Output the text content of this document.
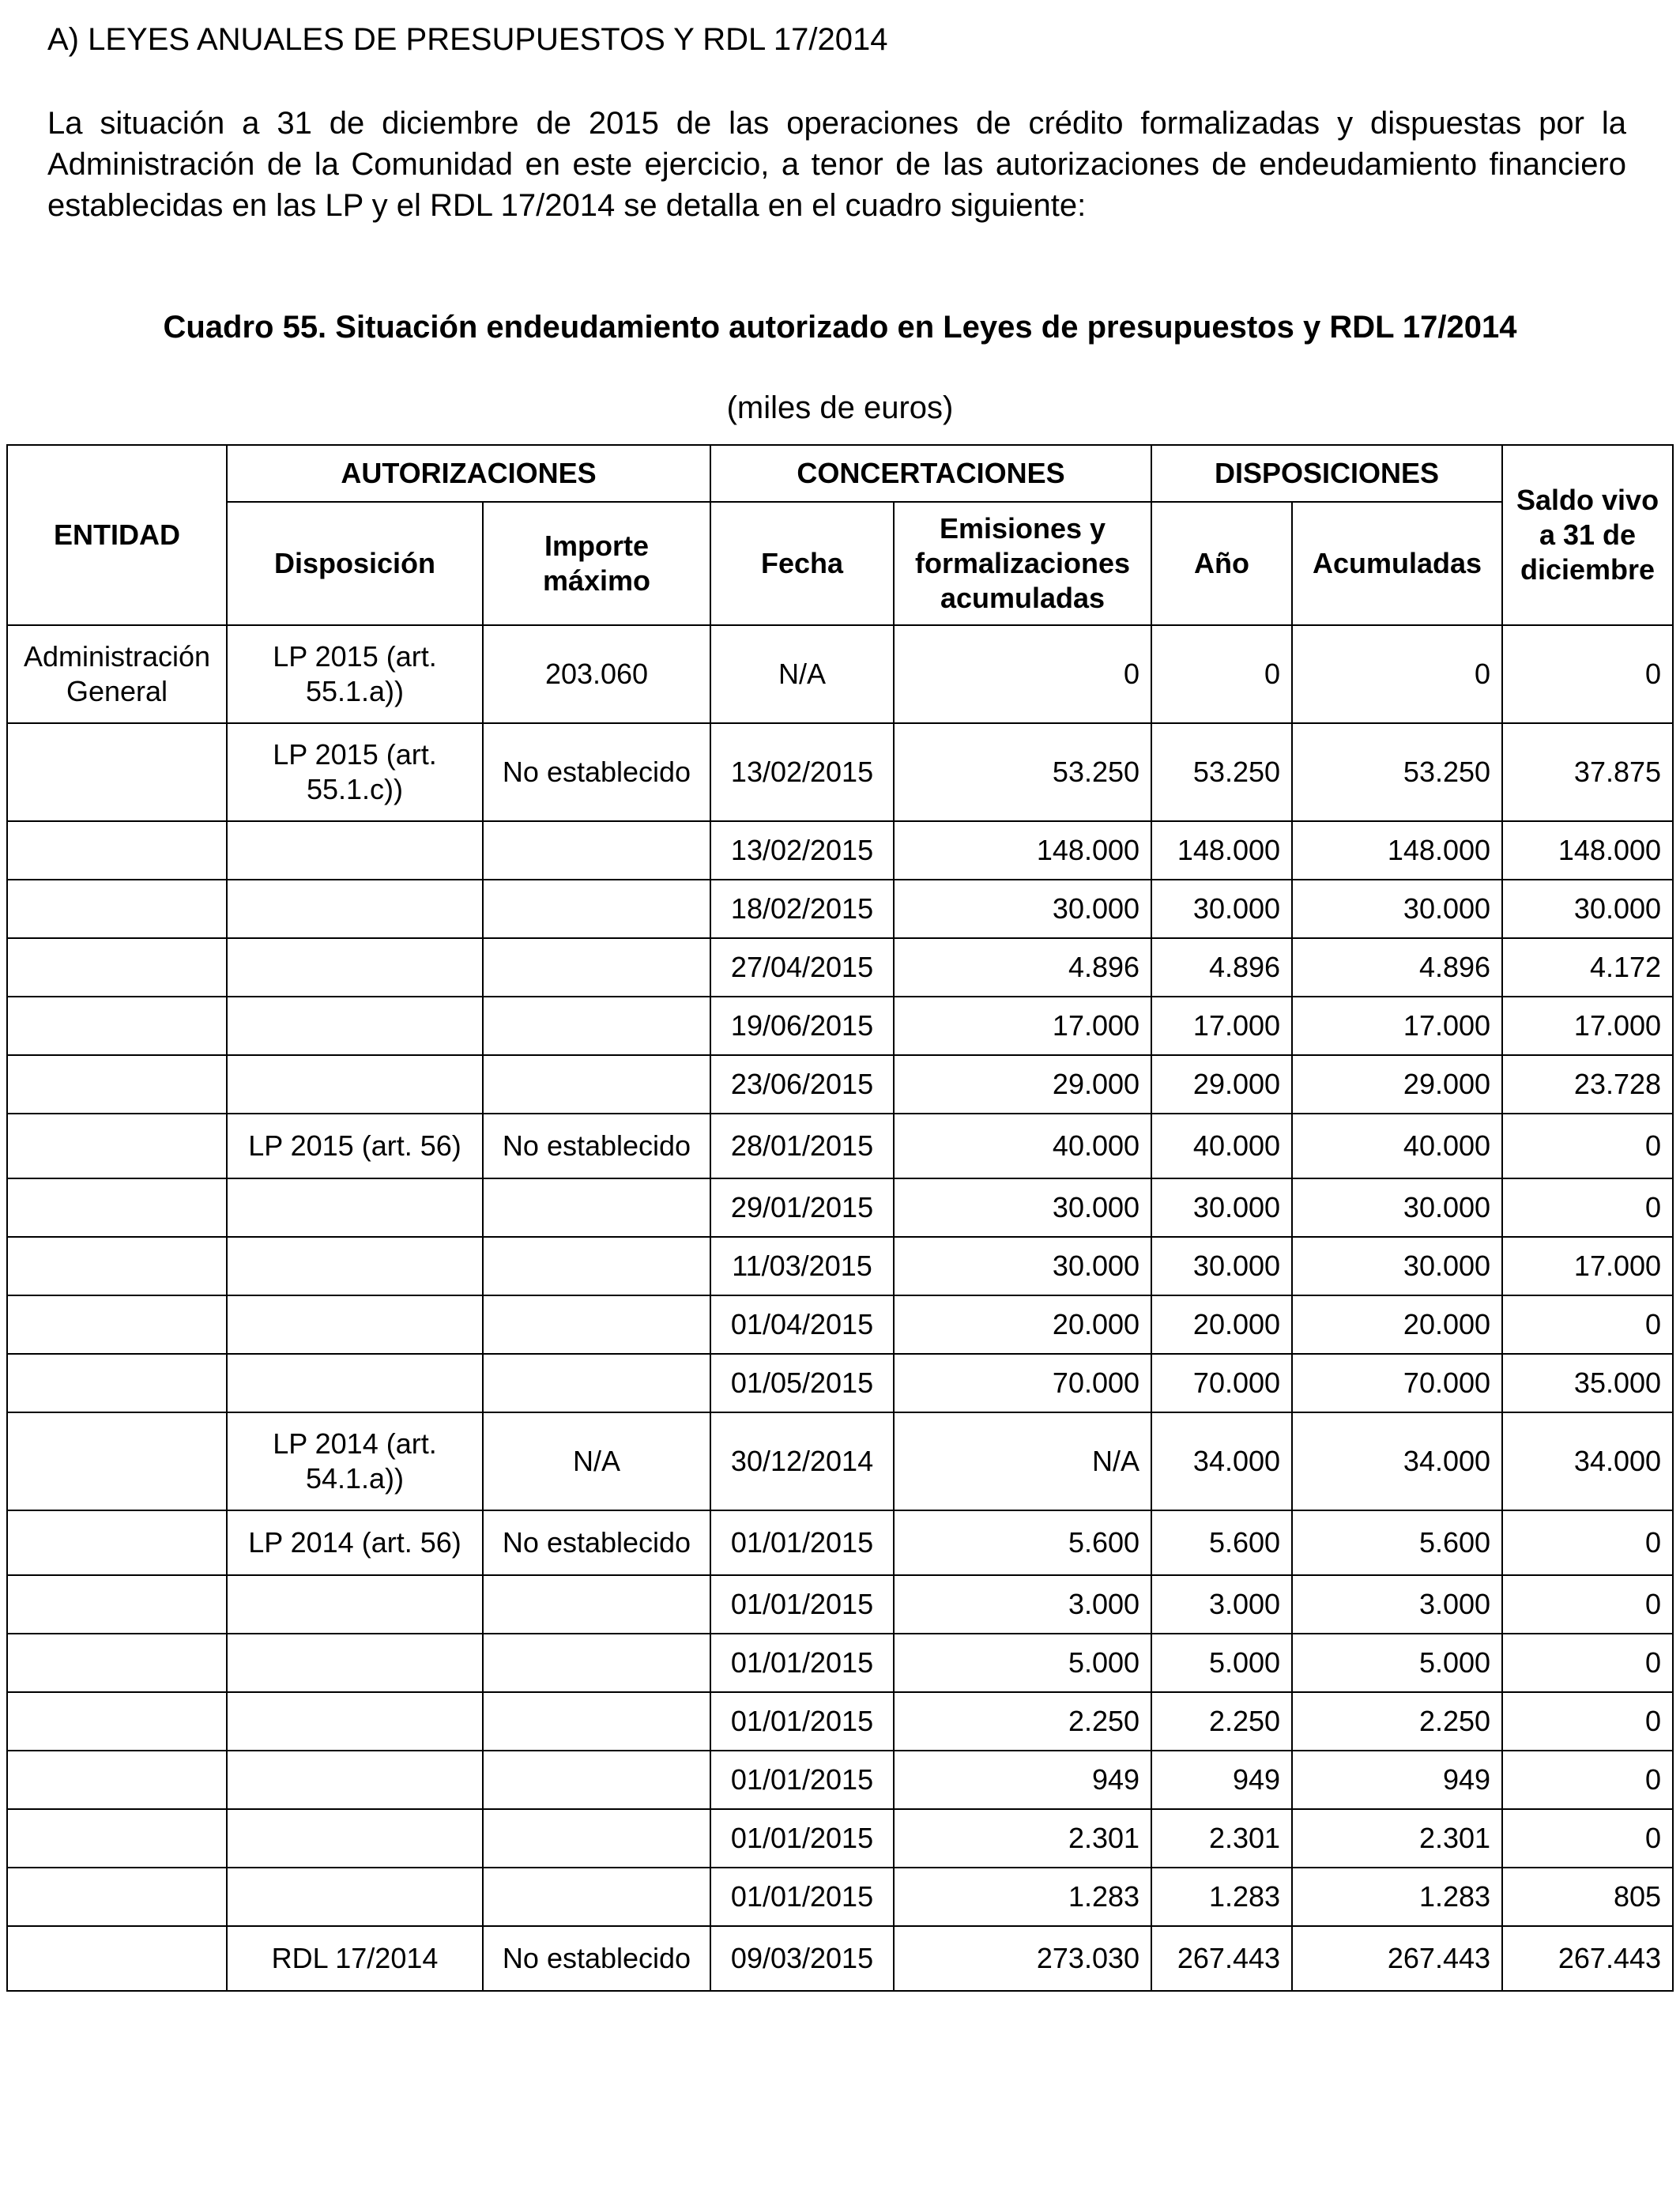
A) LEYES ANUALES DE PRESUPUESTOS Y RDL 17/2014
La situación a 31 de diciembre de 2015 de las operaciones de crédito formalizadas y dispuestas por la Administración de la Comunidad en este ejercicio, a tenor de las autorizaciones de endeudamiento financiero establecidas en las LP y el RDL 17/2014 se detalla en el cuadro siguiente:
Cuadro 55. Situación endeudamiento autorizado en Leyes de presupuestos y RDL 17/2014
(miles de euros)
ENTIDAD	AUTORIZACIONES		CONCERTACIONES		DISPOSICIONES		Saldo vivo a 31 de diciembre
	Disposición	Importe máximo	Fecha	Emisiones y formalizaciones acumuladas	Año	Acumuladas	
Administración General	LP 2015 (art. 55.1.a))	203.060	N/A	0	0	0	0
	LP 2015 (art. 55.1.c))	No establecido	13/02/2015	53.250	53.250	53.250	37.875
			13/02/2015	148.000	148.000	148.000	148.000
			18/02/2015	30.000	30.000	30.000	30.000
			27/04/2015	4.896	4.896	4.896	4.172
			19/06/2015	17.000	17.000	17.000	17.000
			23/06/2015	29.000	29.000	29.000	23.728
	LP 2015 (art. 56)	No establecido	28/01/2015	40.000	40.000	40.000	0
			29/01/2015	30.000	30.000	30.000	0
			11/03/2015	30.000	30.000	30.000	17.000
			01/04/2015	20.000	20.000	20.000	0
			01/05/2015	70.000	70.000	70.000	35.000
	LP 2014 (art. 54.1.a))	N/A	30/12/2014	N/A	34.000	34.000	34.000
	LP 2014 (art. 56)	No establecido	01/01/2015	5.600	5.600	5.600	0
			01/01/2015	3.000	3.000	3.000	0
			01/01/2015	5.000	5.000	5.000	0
			01/01/2015	2.250	2.250	2.250	0
			01/01/2015	949	949	949	0
			01/01/2015	2.301	2.301	2.301	0
			01/01/2015	1.283	1.283	1.283	805
	RDL 17/2014	No establecido	09/03/2015	273.030	267.443	267.443	267.443
